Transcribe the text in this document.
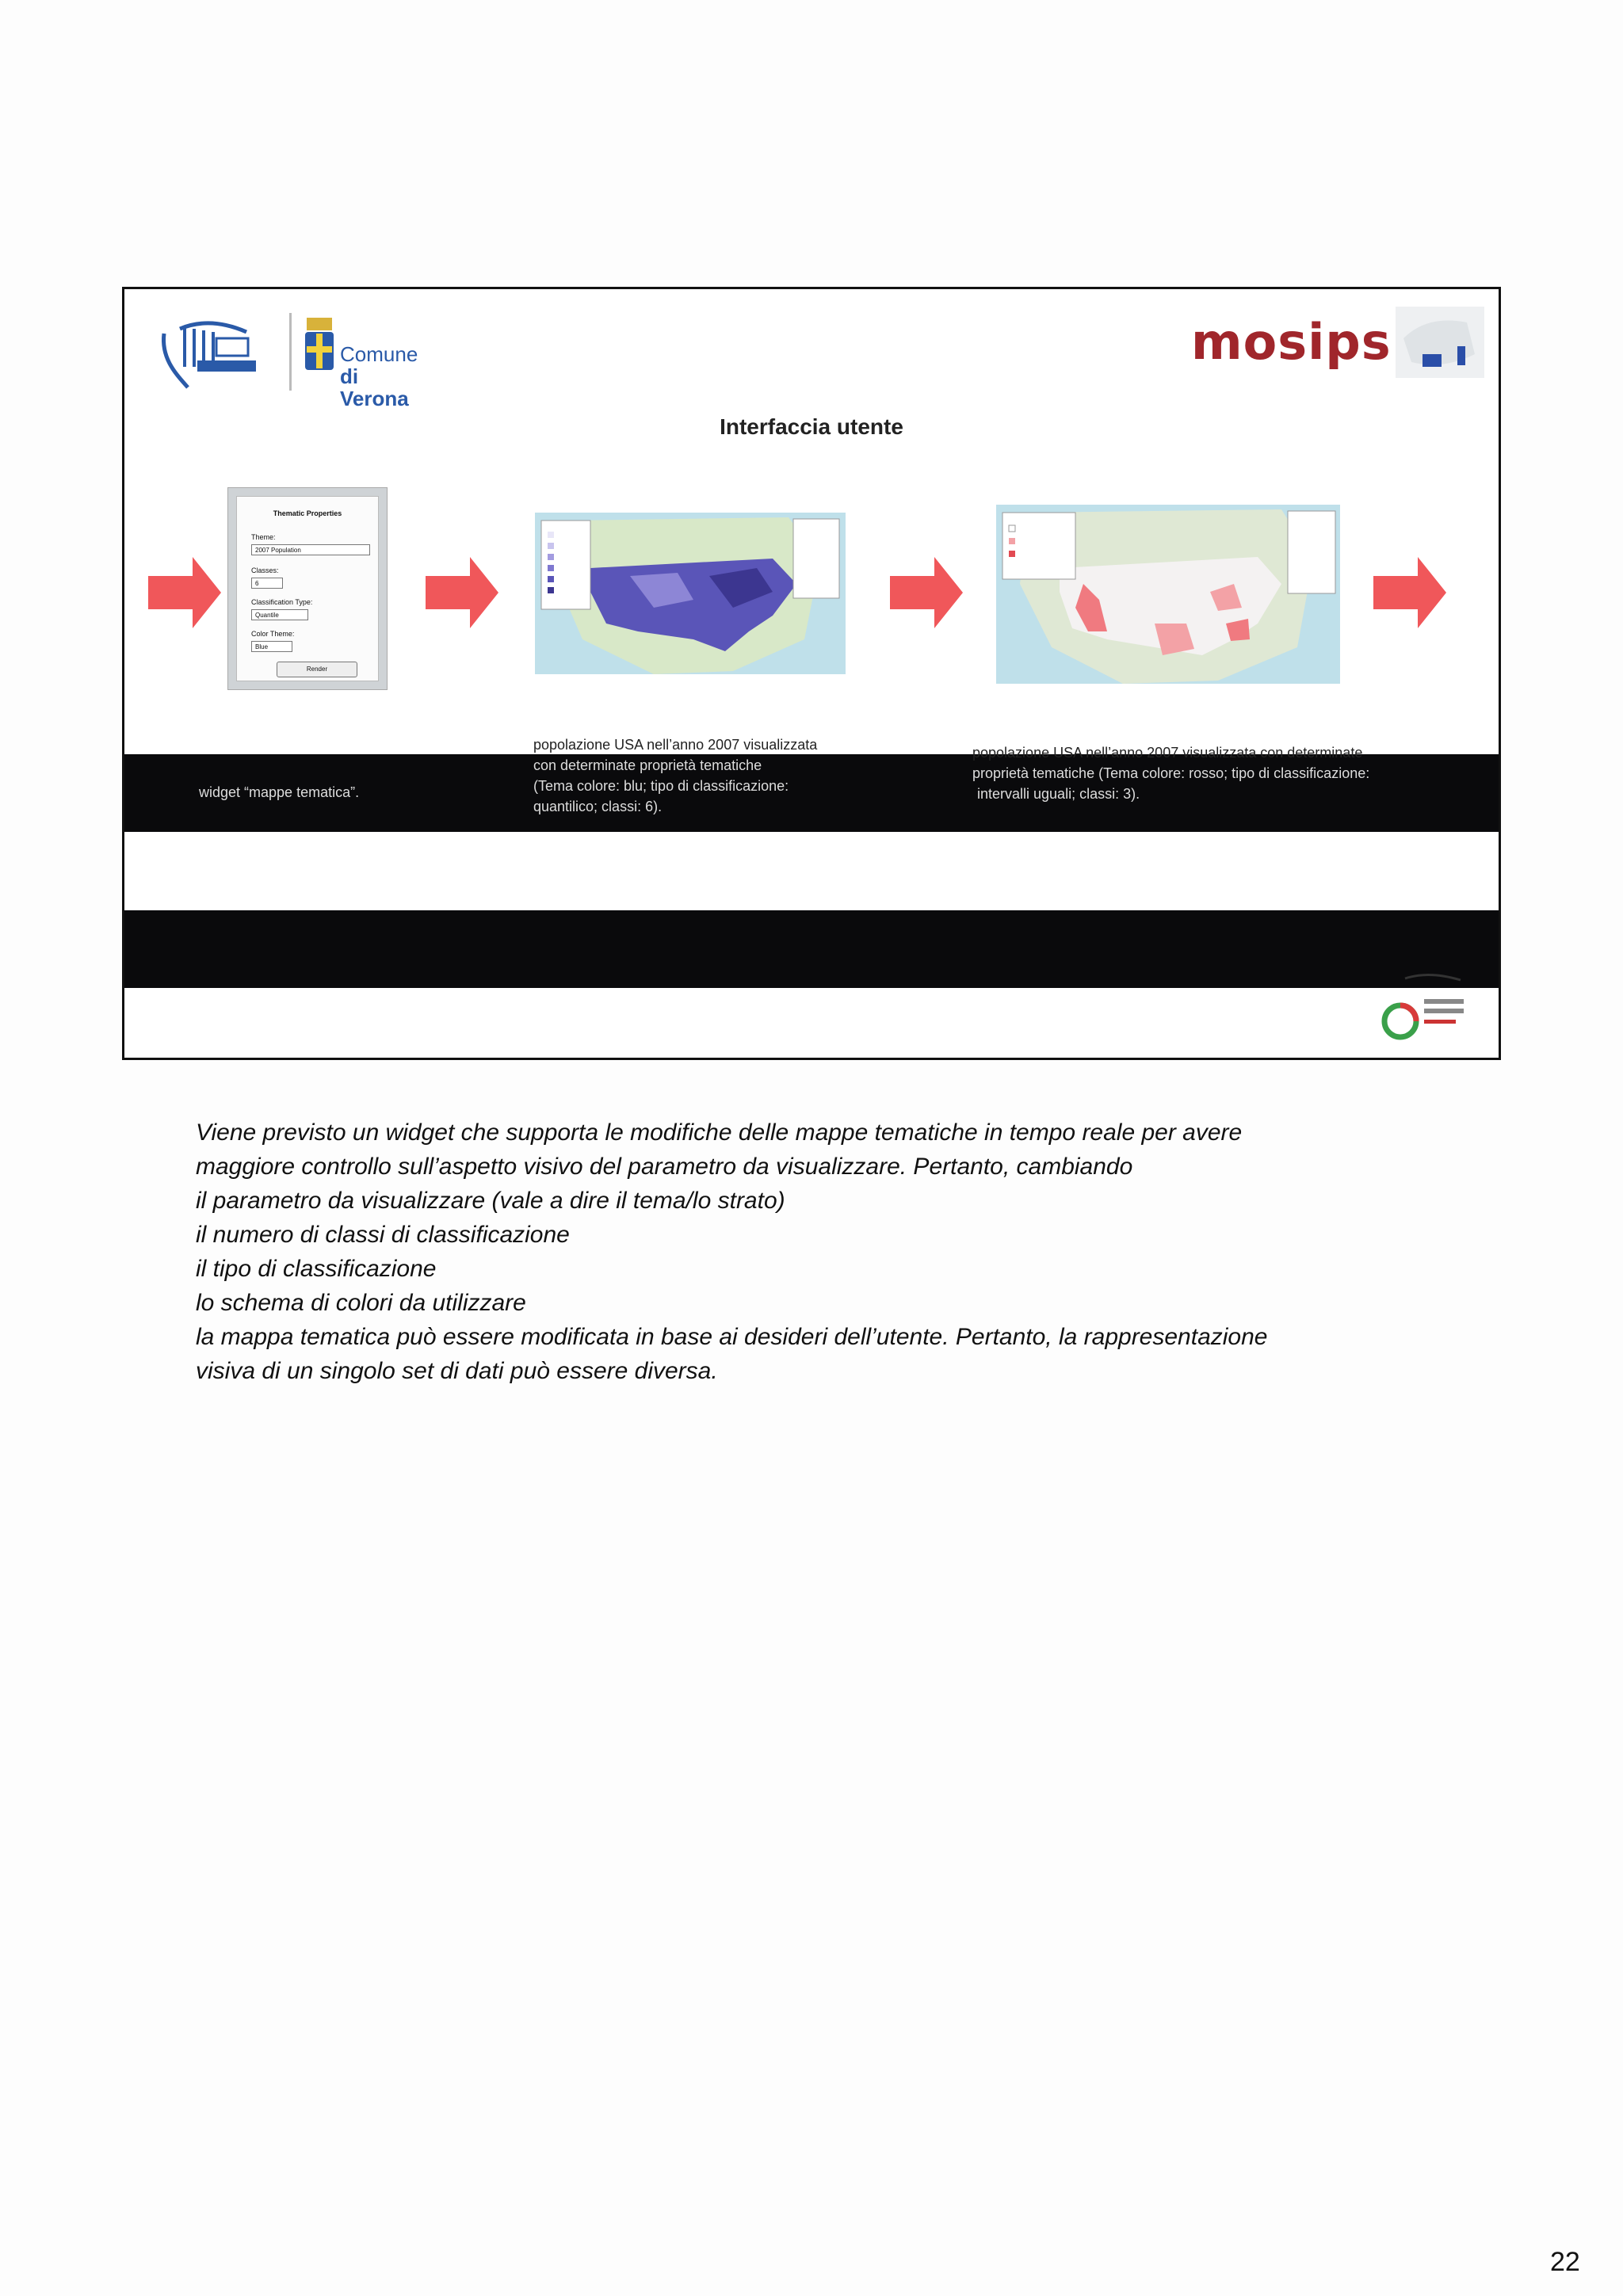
Comune
di Verona
mosips
Interfaccia utente
Thematic Properties
Theme:
2007 Population
Classes:
6
Classification Type:
Quantile
Color Theme:
Blue
Render
widget “mappe tematica”.
popolazione USA nell’anno 2007 visualizzata
con determinate proprietà tematiche
(Tema colore: blu; tipo di classificazione:
quantilico; classi: 6).
popolazione USA nell’anno 2007 visualizzata con determinate
proprietà tematiche (Tema colore: rosso; tipo di classificazione:
intervalli uguali; classi: 3).
Viene previsto un widget che supporta le modifiche delle mappe tematiche in tempo reale per avere
maggiore controllo sull’aspetto visivo del parametro da visualizzare. Pertanto, cambiando
il parametro da visualizzare (vale a dire il tema/lo strato)
il numero di classi di classificazione
il tipo di classificazione
lo schema di colori da utilizzare
la mappa tematica può essere modificata in base ai desideri dell’utente. Pertanto, la rappresentazione
visiva di un singolo set di dati può essere diversa.
22
